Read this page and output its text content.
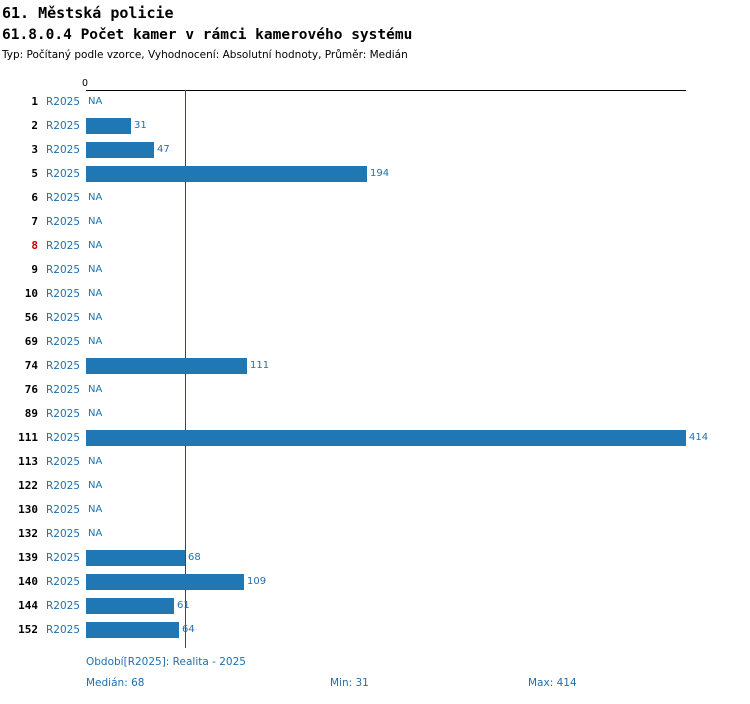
61. Městská policie
61.8.0.4 Počet kamer v rámci kamerového systému
Typ: Počítaný podle vzorce, Vyhodnocení: Absolutní hodnoty, Průměr: Medián
0
Období[R2025]: Realita - 2025
Medián: 68	Min: 31	Max: 414
1 R2025 NA
2 R2025	31
3 R2025	47
5 R2025	194
6 R2025 NA
7 R2025 NA
8 R2025 NA
9 R2025 NA
10 R2025 NA
56 R2025 NA
69 R2025 NA
74 R2025	111
76 R2025 NA
89 R2025 NA
111 R2025	414
113 R2025 NA
122 R2025 NA
130 R2025 NA
132 R2025 NA
139 R2025	68
140 R2025	109
144 R2025	61
152 R2025	64
